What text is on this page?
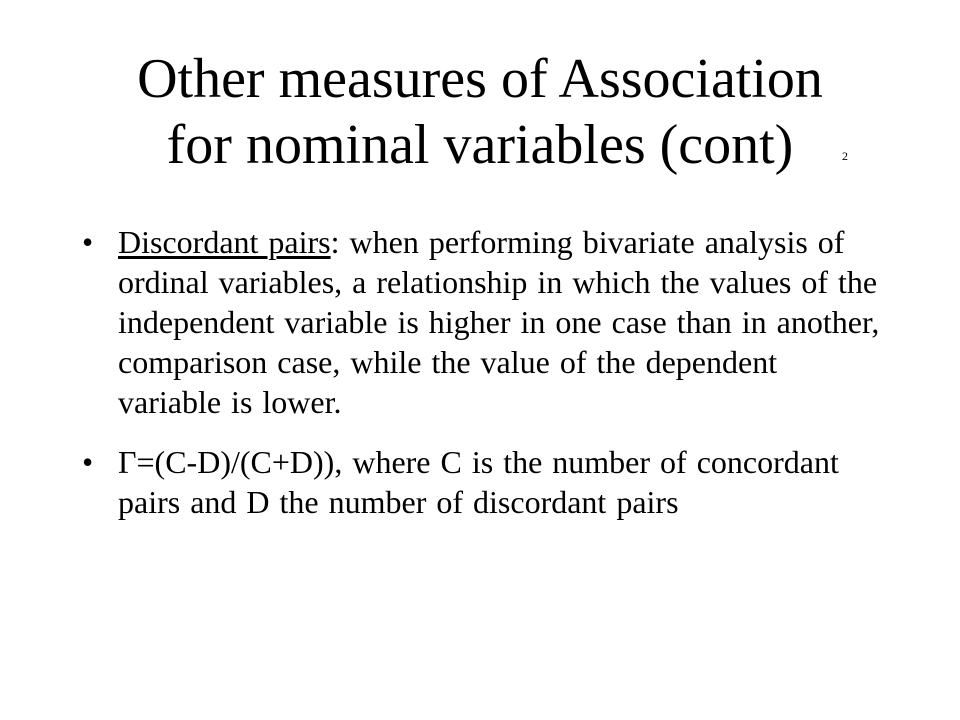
Other measures of Association
for nominal variables (cont)	2
• Discordant pairs: when performing bivariate analysis of ordinal variables, a relationship in which the values of the independent variable is higher in one case than in another, comparison case, while the value of the dependent variable is lower.
• Γ=(C-D)/(C+D)), where C is the number of concordant pairs and D the number of discordant pairs
